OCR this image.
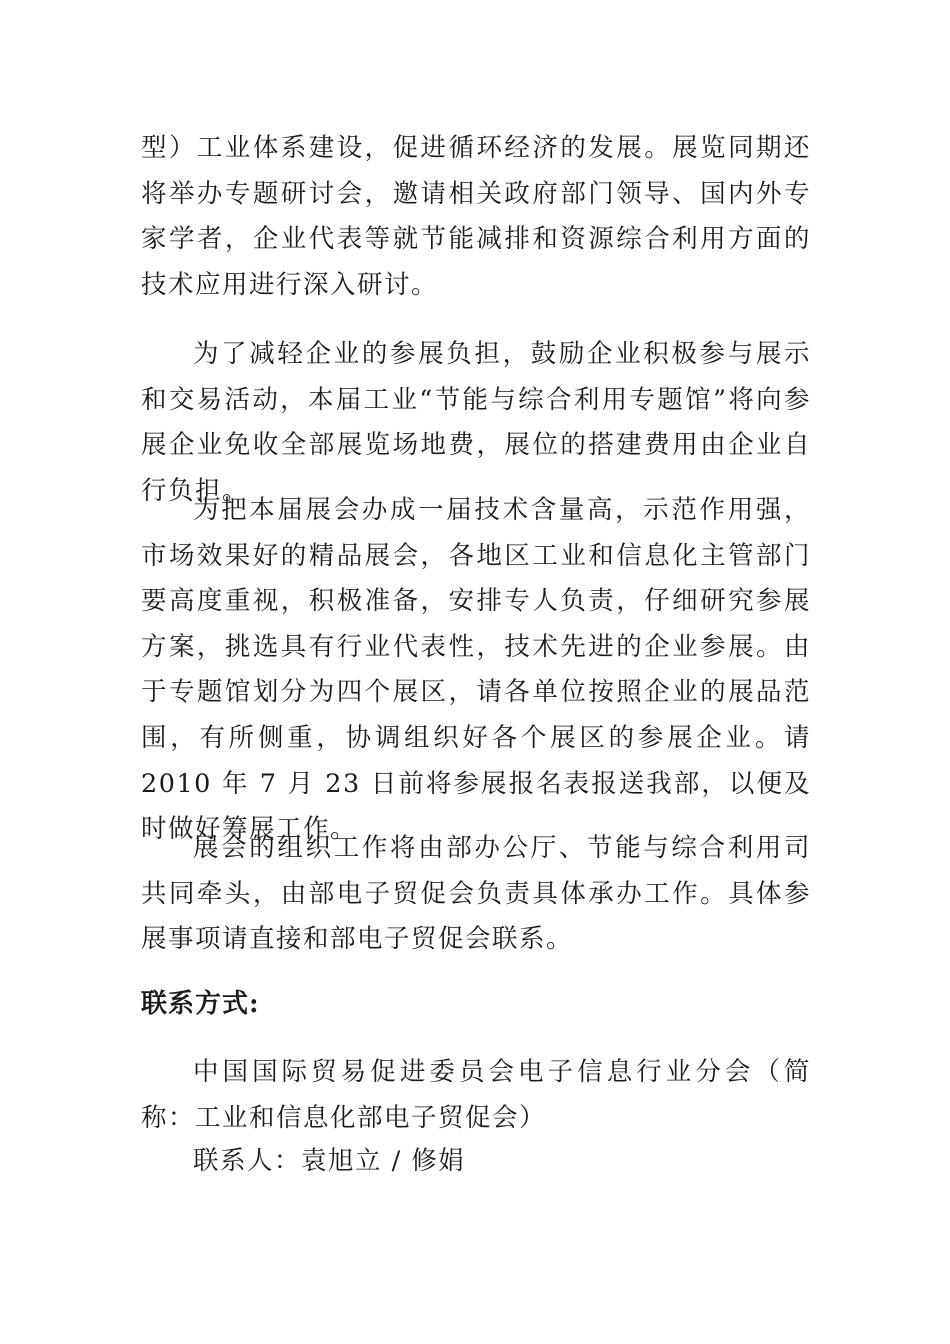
型）工业体系建设，促进循环经济的发展。展览同期还将举办专题研讨会，邀请相关政府部门领导、国内外专家学者，企业代表等就节能减排和资源综合利用方面的技术应用进行深入研讨。

为了减轻企业的参展负担，鼓励企业积极参与展示和交易活动，本届工业“节能与综合利用专题馆”将向参展企业免收全部展览场地费，展位的搭建费用由企业自行负担。

为把本届展会办成一届技术含量高，示范作用强，市场效果好的精品展会，各地区工业和信息化主管部门要高度重视，积极准备，安排专人负责，仔细研究参展方案，挑选具有行业代表性，技术先进的企业参展。由于专题馆划分为四个展区，请各单位按照企业的展品范围，有所侧重，协调组织好各个展区的参展企业。请 2010 年 7 月 23 日前将参展报名表报送我部，以便及时做好筹展工作。

展会的组织工作将由部办公厅、节能与综合利用司共同牵头，由部电子贸促会负责具体承办工作。具体参展事项请直接和部电子贸促会联系。

联系方式:

中国国际贸易促进委员会电子信息行业分会（简称：工业和信息化部电子贸促会）

联系人：袁旭立 / 修娟
